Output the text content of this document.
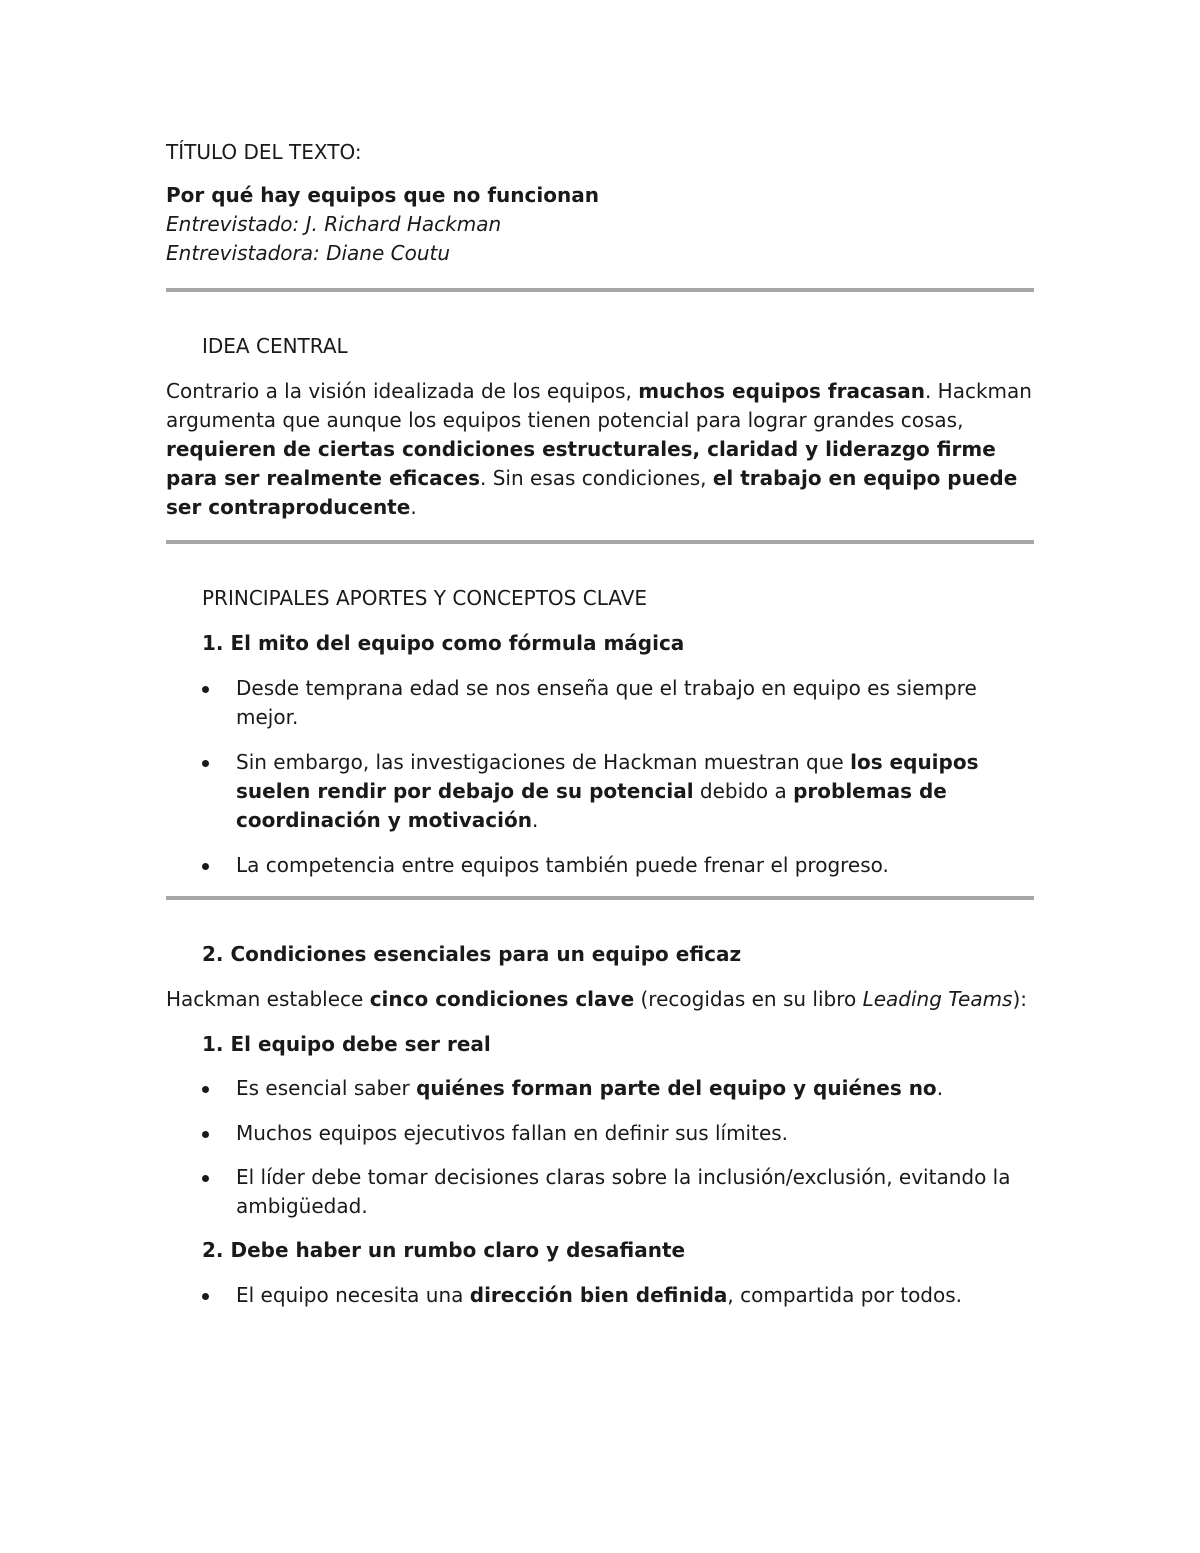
TÍTULO DEL TEXTO:

Por qué hay equipos que no funcionan

Entrevistado: J. Richard Hackman

Entrevistadora: Diane Coutu

IDEA CENTRAL

Contrario a la visión idealizada de los equipos, muchos equipos fracasan. Hackman argumenta que aunque los equipos tienen potencial para lograr grandes cosas, requieren de ciertas condiciones estructurales, claridad y liderazgo firme para ser realmente eficaces. Sin esas condiciones, el trabajo en equipo puede ser contraproducente.

PRINCIPALES APORTES Y CONCEPTOS CLAVE

1. El mito del equipo como fórmula mágica

Desde temprana edad se nos enseña que el trabajo en equipo es siempre mejor.
Sin embargo, las investigaciones de Hackman muestran que los equipos suelen rendir por debajo de su potencial debido a problemas de coordinación y motivación.
La competencia entre equipos también puede frenar el progreso.

2. Condiciones esenciales para un equipo eficaz

Hackman establece cinco condiciones clave (recogidas en su libro Leading Teams):

1. El equipo debe ser real

Es esencial saber quiénes forman parte del equipo y quiénes no.
Muchos equipos ejecutivos fallan en definir sus límites.
El líder debe tomar decisiones claras sobre la inclusión/exclusión, evitando la ambigüedad.

2. Debe haber un rumbo claro y desafiante

El equipo necesita una dirección bien definida, compartida por todos.
